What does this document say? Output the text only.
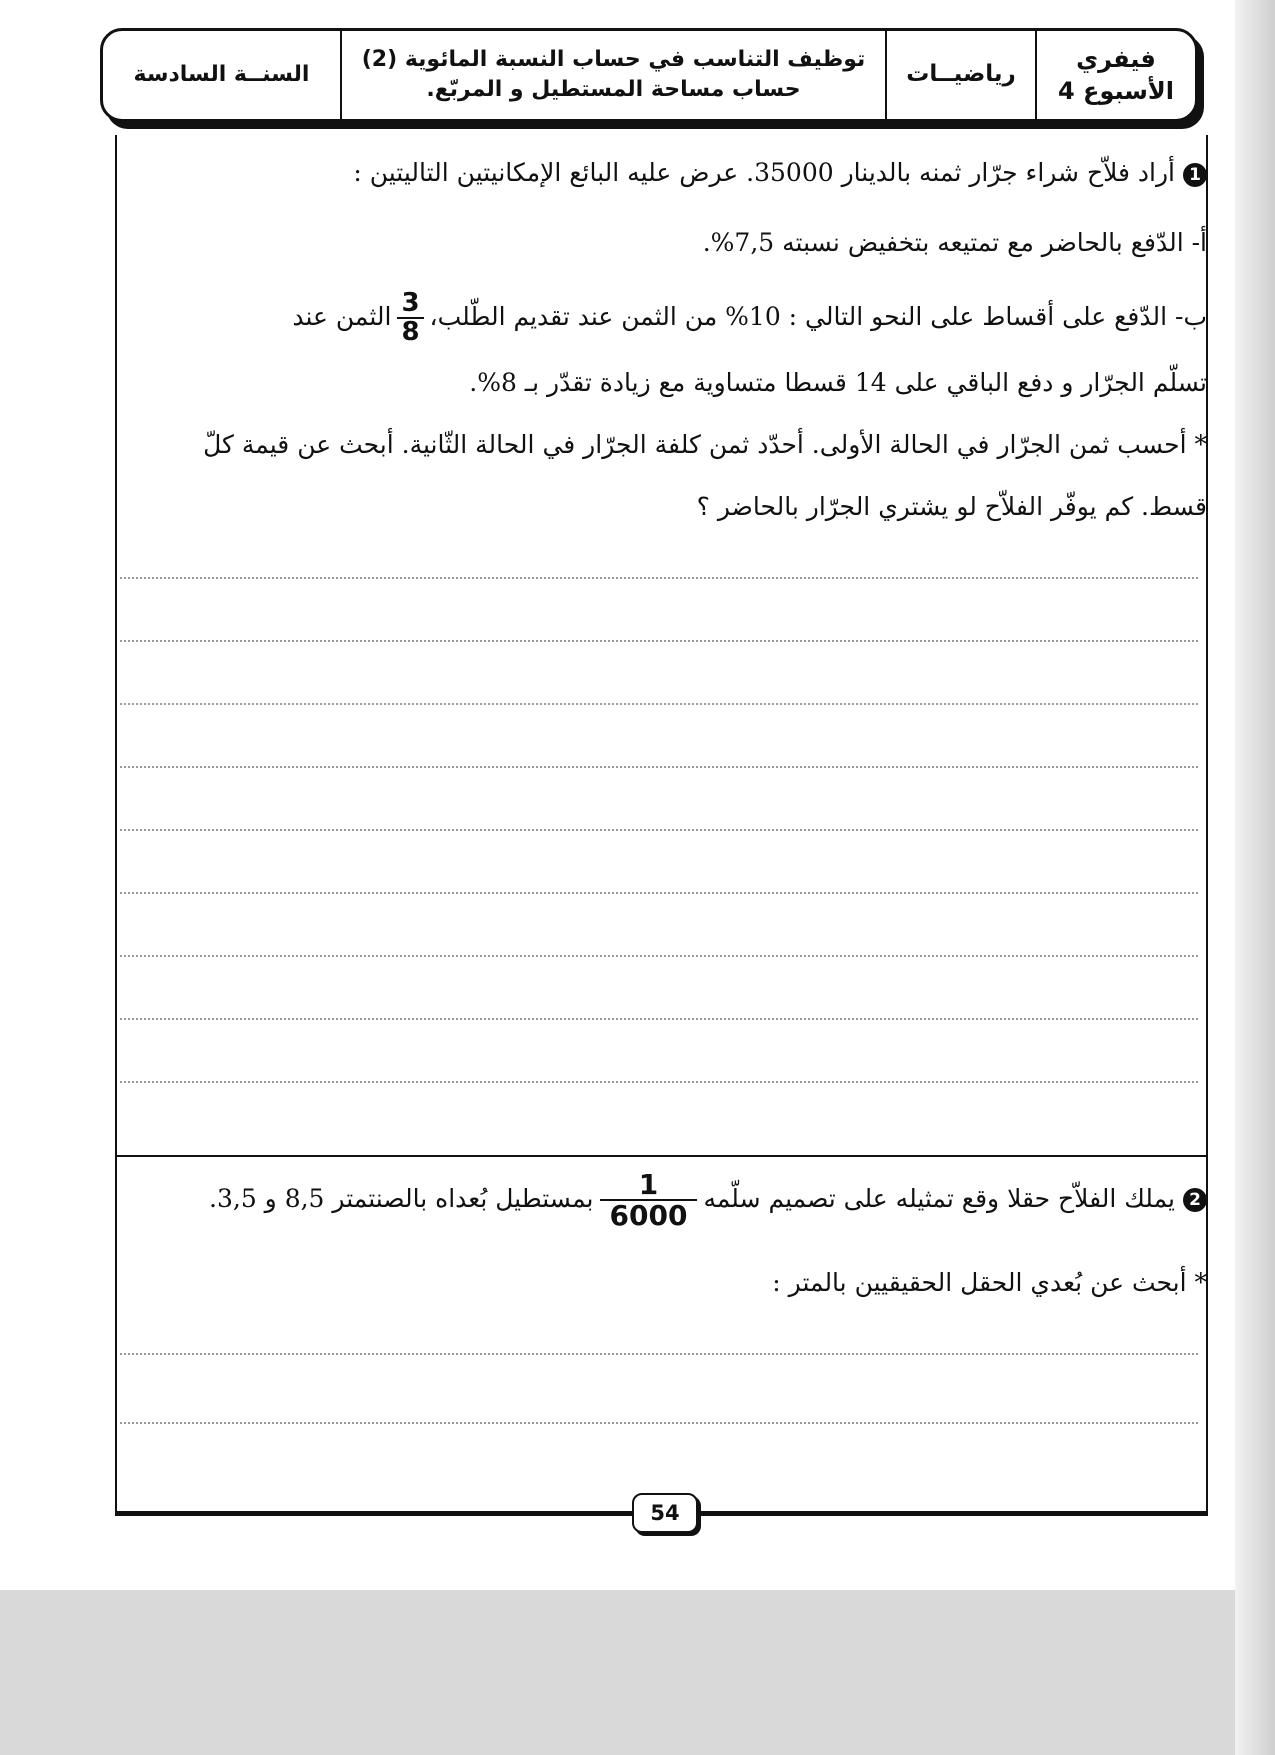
فيفري
الأسبوع 4
رياضيــات
توظيف التناسب في حساب النسبة المائوية (2)
حساب مساحة المستطيل و المربّع.
السنــة السادسة
1أراد فلاّح شراء جرّار ثمنه بالدينار 35000. عرض عليه البائع الإمكانيتين التاليتين :
أ- الدّفع بالحاضر مع تمتيعه بتخفيض نسبته 7,5%.
ب- الدّفع على أقساط على النحو التالي : 10% من الثمن عند تقديم الطّلب،
$\frac{3}{8}$
الثمن عند
تسلّم الجرّار و دفع الباقي على 14 قسطا متساوية مع زيادة تقدّر بـ 8%.
* أحسب ثمن الجرّار في الحالة الأولى. أحدّد ثمن كلفة الجرّار في الحالة الثّانية. أبحث عن قيمة كلّ
قسط. كم يوفّر الفلاّح لو يشتري الجرّار بالحاضر ؟
2يملك الفلاّح حقلا وقع تمثيله على تصميم سلّمه
$\frac{1}{6000}$
بمستطيل بُعداه بالصنتمتر 8,5 و 3,5.
* أبحث عن بُعدي الحقل الحقيقيين بالمتر :
54
